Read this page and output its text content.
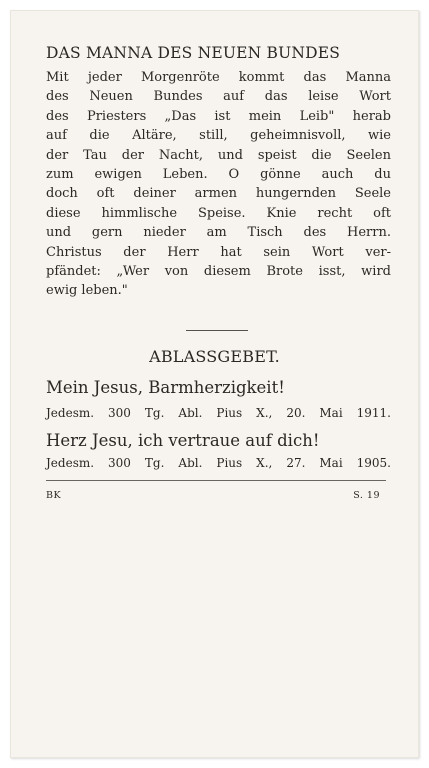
DAS MANNA DES NEUEN BUNDES
Mit jeder Morgenröte kommt das Manna
des Neuen Bundes auf das leise Wort
des Priesters „Das ist mein Leib" herab
auf die Altäre, still, geheimnisvoll, wie
der Tau der Nacht, und speist die Seelen
zum ewigen Leben. O gönne auch du
doch oft deiner armen hungernden Seele
diese himmlische Speise. Knie recht oft
und gern nieder am Tisch des Herrn.
Christus der Herr hat sein Wort ver-
pfändet: „Wer von diesem Brote isst, wird
ewig leben."
ABLASSGEBET.
Mein Jesus, Barmherzigkeit!
Jedesm. 300 Tg. Abl. Pius X., 20. Mai 1911.
Herz Jesu, ich vertraue auf dich!
Jedesm. 300 Tg. Abl. Pius X., 27. Mai 1905.
BK	S. 19
